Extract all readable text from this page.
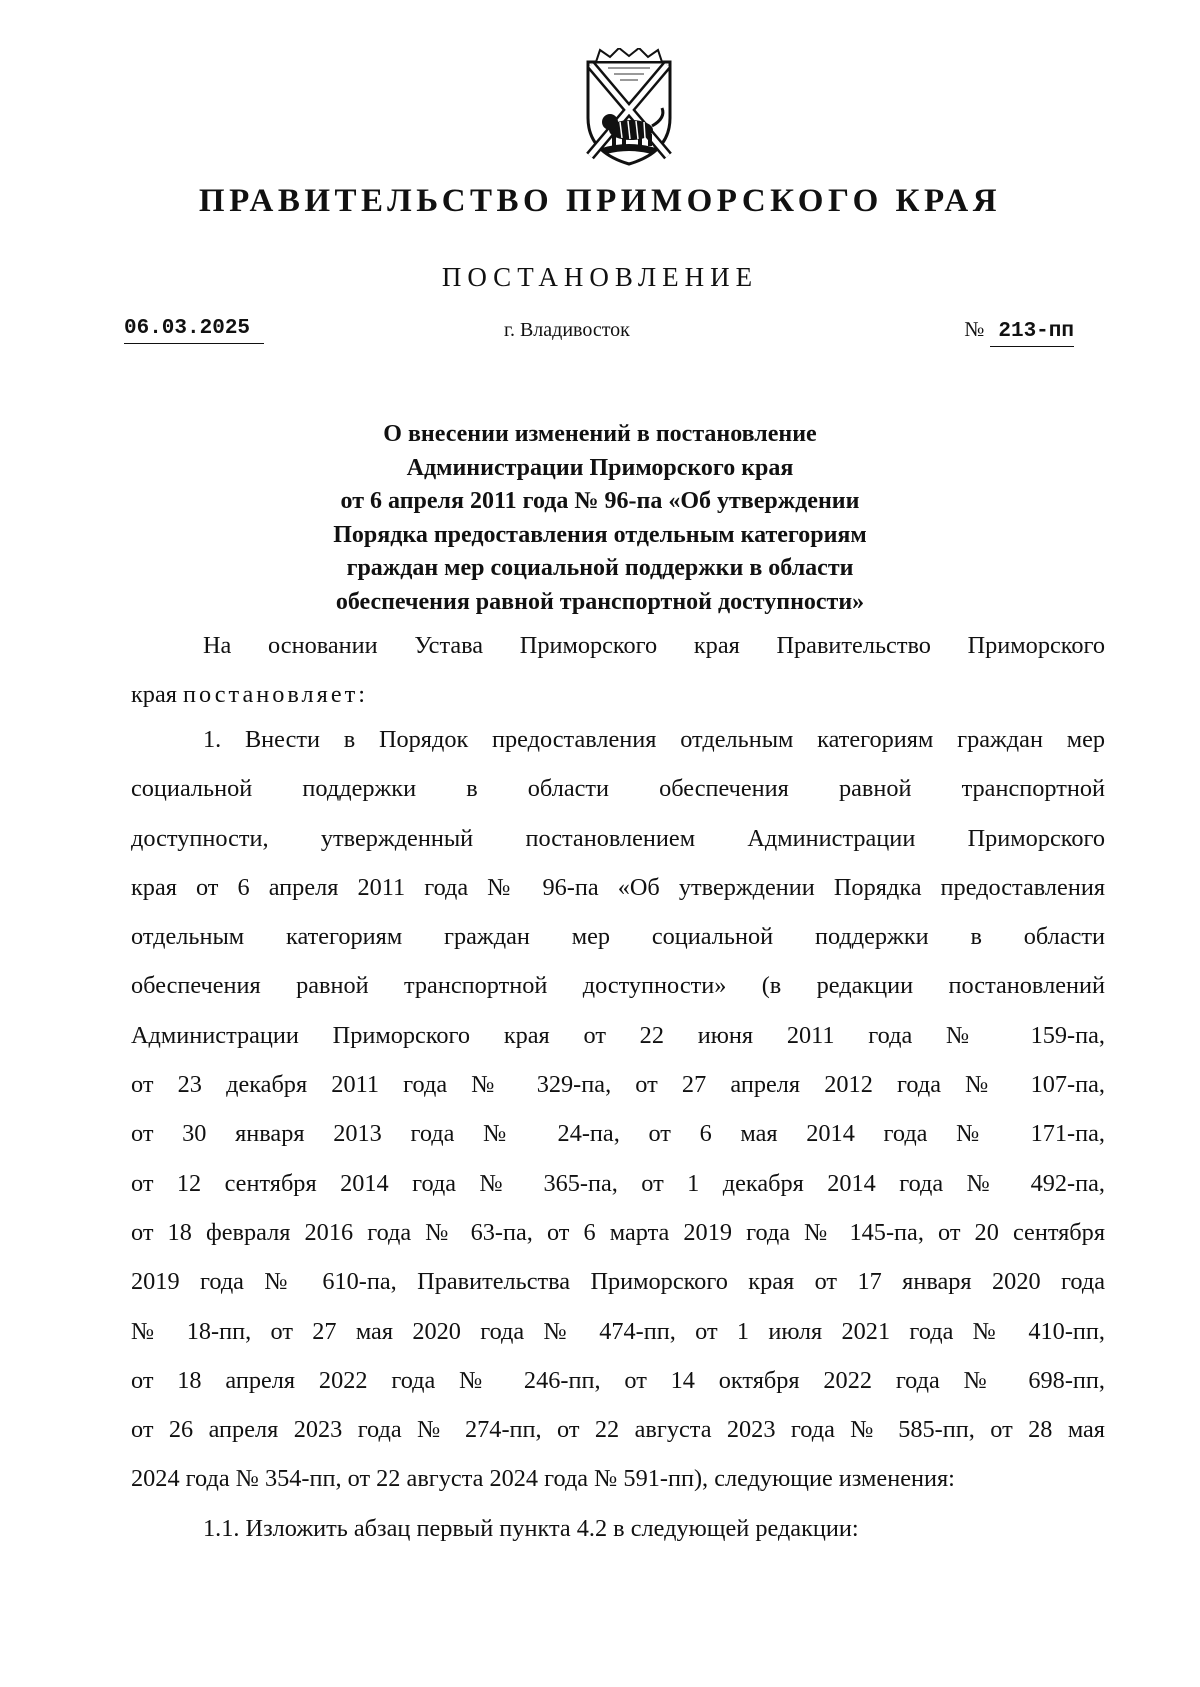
ПРАВИТЕЛЬСТВО ПРИМОРСКОГО КРАЯ
ПОСТАНОВЛЕНИЕ
06.03.2025	г. Владивосток	№ 213-пп
О внесении изменений в постановление
Администрации Приморского края
от 6 апреля 2011 года № 96-па «Об утверждении
Порядка предоставления отдельным категориям
граждан мер социальной поддержки в области
обеспечения равной транспортной доступности»
На основании Устава Приморского края Правительство Приморского
края постановляет:
1. Внести в Порядок предоставления отдельным категориям граждан мер
социальной поддержки в области обеспечения равной транспортной
доступности, утвержденный постановлением Администрации Приморского
края от 6 апреля 2011 года № 96-па «Об утверждении Порядка предоставления
отдельным категориям граждан мер социальной поддержки в области
обеспечения равной транспортной доступности» (в редакции постановлений
Администрации Приморского края от 22 июня 2011 года № 159-па,
от 23 декабря 2011 года № 329-па, от 27 апреля 2012 года № 107-па,
от 30 января 2013 года № 24-па, от 6 мая 2014 года № 171-па,
от 12 сентября 2014 года № 365-па, от 1 декабря 2014 года № 492-па,
от 18 февраля 2016 года № 63-па, от 6 марта 2019 года № 145-па, от 20 сентября
2019 года № 610-па, Правительства Приморского края от 17 января 2020 года
№ 18-пп, от 27 мая 2020 года № 474-пп, от 1 июля 2021 года № 410-пп,
от 18 апреля 2022 года № 246-пп, от 14 октября 2022 года № 698-пп,
от 26 апреля 2023 года № 274-пп, от 22 августа 2023 года № 585-пп, от 28 мая
2024 года № 354-пп, от 22 августа 2024 года № 591-пп), следующие изменения:
1.1. Изложить абзац первый пункта 4.2 в следующей редакции:
